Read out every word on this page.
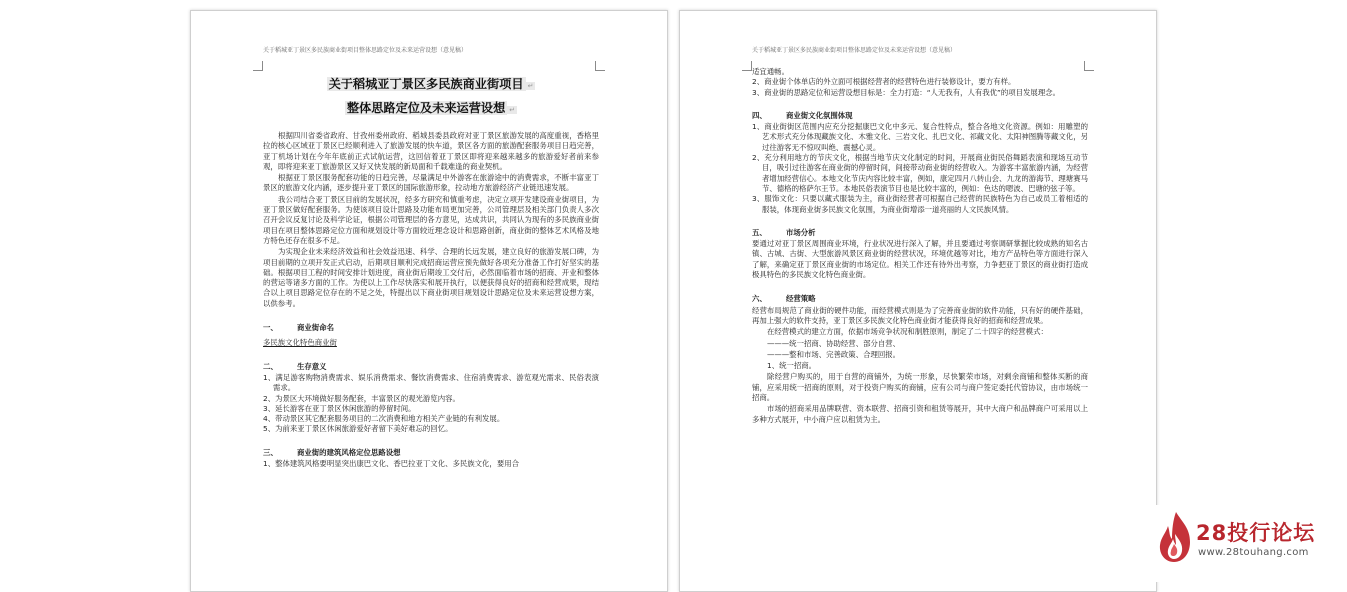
关于稻城亚丁景区多民族商业街项目整体思路定位及未来运营设想（意见稿）
关于稻城亚丁景区多民族商业街项目 ↵
整体思路定位及未来运营设想 ↵

根据四川省委省政府、甘孜州委州政府、稻城县委县政府对亚丁景区旅游发展的高度重视，香格里拉的核心区域亚丁景区已经顺利进入了旅游发展的快车道，景区各方面的旅游配套服务项目日趋完善，亚丁机场计划在今年年底前正式试航运营，这回信着亚丁景区即将迎来越来越多的旅游爱好者前来参观，即将迎来亚丁旅游景区又好又快发展的新局面和千载难逢的商业契机。

根据亚丁景区服务配套功能的日趋完善，尽量满足中外游客在旅游途中的消费需求，不断丰富亚丁景区的旅游文化内涵，逐步提升亚丁景区的国际旅游形象，拉动地方旅游经济产业链迅速发展。

我公司结合亚丁景区目前的发展状况，经多方研究和慎重考虑，决定立项开发建设商业街项目，为亚丁景区做好配套服务。为使该项目设计思路及功能布局更加完善，公司管理层及相关部门负责人多次召开会议反复讨论及科学论证，根据公司管理层的各方意见，达成共识，共同认为现有的多民族商业街项目在项目整体思路定位方面和规划设计等方面较近理念设计和思路创新，商业街的整体艺术风格及地方特色还存在很多不足。

为实现企业未来经济效益和社会效益迅速、科学、合理的长远发展，建立良好的旅游发展口碑，为项目前期的立项开发正式启动，后期项目顺利完成招商运营应预先做好各项充分准备工作打好坚实的基础。根据项目工程的时间安排计划进度，商业街后期竣工交付后，必然面临着市场的招商、开业和整体的营运等诸多方面的工作。为使以上工作尽快落实和展开执行，以便获得良好的招商和经营成果，现结合以上项目思路定位存在的不足之处，特提出以下商业街项目规划设计思路定位及未来运营设想方案，以供参考。

一、	商业街命名

多民族文化特色商业街

二、	生存意义

1、满足游客购物消费需求、娱乐消费需求、餐饮消费需求、住宿消费需求、游览观光需求、民俗表演需求。

2、为景区大环境做好服务配套，丰富景区的观光游览内容。

3、延长游客在亚丁景区休闲旅游的停留时间。

4、带动景区其它配套服务项目的二次消费和地方相关产业链的有利发展。

5、为前来亚丁景区休闲旅游爱好者留下美好难忘的回忆。

三、	商业街的建筑风格定位思路设想

1、整体建筑风格要明显突出康巴文化、香巴拉亚丁文化、多民族文化，要用合

关于稻城亚丁景区多民族商业街项目整体思路定位及未来运营设想（意见稿）

适宜通畅。

2、商业街个体单店的外立面可根据经营者的经营特色进行装修设计，要方有样。

3、商业街的思路定位和运营设想目标是：全力打造：“人无我有，人有我优”的项目发展理念。

四、	商业街文化氛围体现

1、商业街街区范围内应充分挖掘康巴文化中多元、复合性特点，整合各地文化资源。例如：用雕塑的艺术形式充分体现藏族文化、木雅文化、三岩文化、扎巴文化、祁藏文化、太阳神图腾等藏文化，另过往游客无不惊叹叫绝、震撼心灵。

2、充分利用地方的节庆文化，根据当地节庆文化制定的时间，开展商业街民俗舞蹈表演和现场互动节目，吸引过往游客在商业街的停留时间，间接带动商业街的经营收入。为游客丰富旅游内涵，为经营者增加经营信心。本地文化节庆内容比较丰富，例如，康定四月八转山会、九龙的游海节、理塘赛马节、德格的格萨尔王节。本地民俗表演节目也是比较丰富的，例如：色达的嗯波、巴塘的弦子等。

3、服饰文化：只要以藏式服装为主，商业街经营者可根据自己经营的民族特色为自己或员工着相适的服装，体现商业街多民族文化氛围，为商业街增添一道亮丽的人文民族风情。

五、	市场分析

要通过对亚丁景区周围商业环境，行业状况进行深入了解，并且要通过考察调研掌握比较成熟的知名古镇、古城、古街、大型旅游风景区商业街的经营状况，环境优越等对比，地方产品特色等方面进行深入了解，来确定亚丁景区商业街的市场定位。相关工作还有待外出考察，力争把亚丁景区的商业街打造成极具特色的多民族文化特色商业街。

六、	经营策略

经营布局规范了商业街的硬件功能，而经营模式则是为了完善商业街的软件功能，只有好的硬件基础，再加上强大的软件支持，亚丁景区多民族文化特色商业街才能获得良好的招商和经营成果。

在经营模式的建立方面，依据市场竞争状况和制胜原则，制定了二十四字的经营模式：

———统一招商、协助经营、部分自营、

———整和市场、完善政策、合理回报。

1、统一招商。

除经营户购买的，用于自营的商铺外，为统一形象，尽快繁荣市场，对剩余商铺和整体买断的商铺，应采用统一招商的原则，对于投资户购买的商铺，应有公司与商户签定委托代管协议，由市场统一招商。

市场的招商采用品牌联营、资本联营、招商引资和租赁等展开，其中大商户和品牌商户可采用以上多种方式展开，中小商户应以租赁为主。

28投行论坛
www.28touhang.com
